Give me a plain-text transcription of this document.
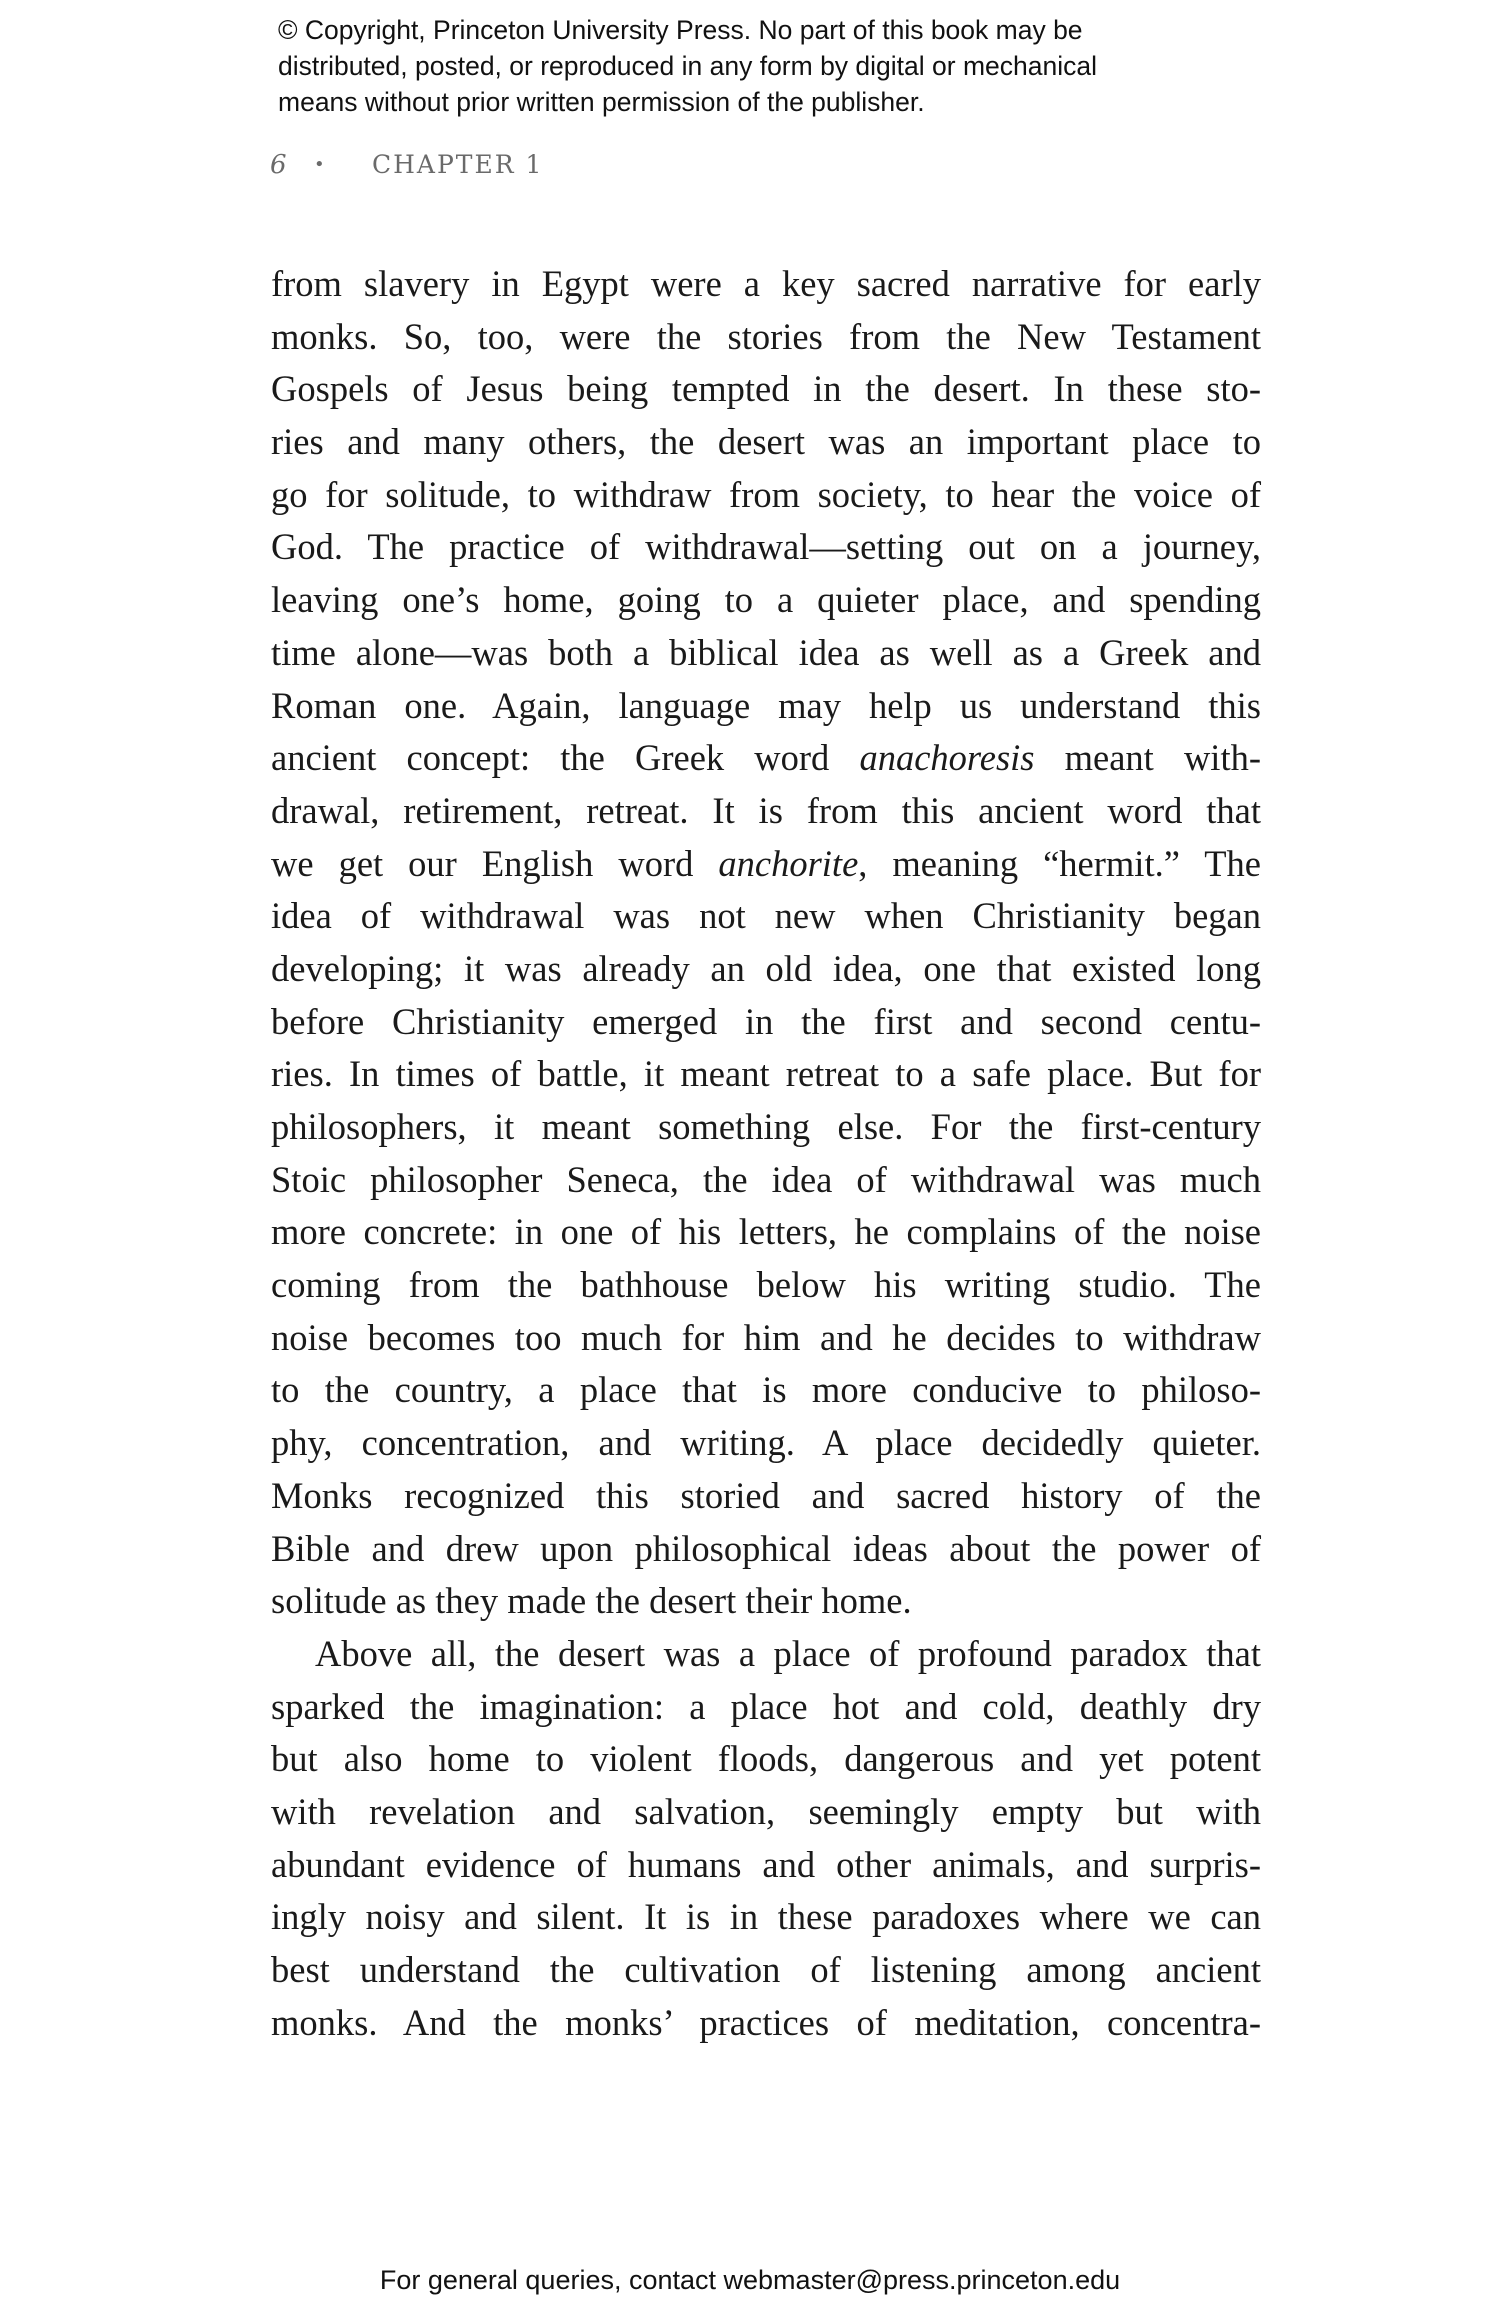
© Copyright, Princeton University Press. No part of this book may be
distributed, posted, or reproduced in any form by digital or mechanical
means without prior written permission of the publisher.
6 • CHAPTER 1
from slavery in Egypt were a key sacred narrative for early
monks. So, too, were the stories from the New Testament
Gospels of Jesus being tempted in the desert. In these sto-
ries and many others, the desert was an important place to
go for solitude, to withdraw from society, to hear the voice of
God. The practice of withdrawal—setting out on a journey,
leaving one’s home, going to a quieter place, and spending
time alone—was both a biblical idea as well as a Greek and
Roman one. Again, language may help us understand this
ancient concept: the Greek word anachoresis meant with-
drawal, retirement, retreat. It is from this ancient word that
we get our English word anchorite, meaning “hermit.” The
idea of withdrawal was not new when Christianity began
developing; it was already an old idea, one that existed long
before Christianity emerged in the first and second centu-
ries. In times of battle, it meant retreat to a safe place. But for
philosophers, it meant something else. For the first-century
Stoic philosopher Seneca, the idea of withdrawal was much
more concrete: in one of his letters, he complains of the noise
coming from the bathhouse below his writing studio. The
noise becomes too much for him and he decides to withdraw
to the country, a place that is more conducive to philoso-
phy, concentration, and writing. A place decidedly quieter.
Monks recognized this storied and sacred history of the
Bible and drew upon philosophical ideas about the power of
solitude as they made the desert their home.
Above all, the desert was a place of profound paradox that
sparked the imagination: a place hot and cold, deathly dry
but also home to violent floods, dangerous and yet potent
with revelation and salvation, seemingly empty but with
abundant evidence of humans and other animals, and surpris-
ingly noisy and silent. It is in these paradoxes where we can
best understand the cultivation of listening among ancient
monks. And the monks’ practices of meditation, concentra-
For general queries, contact webmaster@press.princeton.edu
